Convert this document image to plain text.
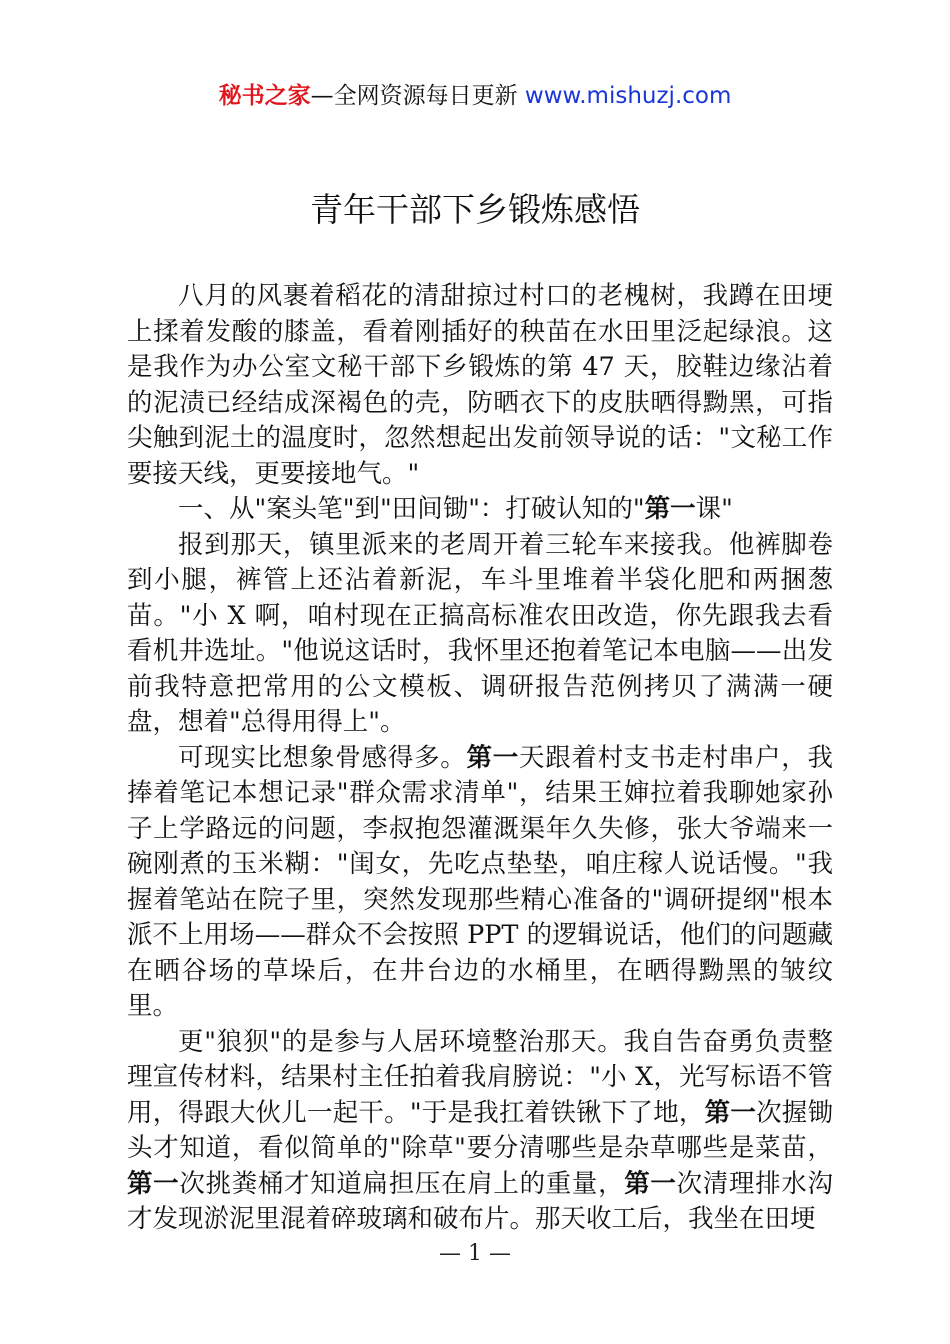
秘书之家—全网资源每日更新 www.mishuzj.com
青年干部下乡锻炼感悟

八月的风裹着稻花的清甜掠过村口的老槐树，我蹲在田埂上揉着发酸的膝盖，看着刚插好的秧苗在水田里泛起绿浪。这是我作为办公室文秘干部下乡锻炼的第 47 天，胶鞋边缘沾着的泥渍已经结成深褐色的壳，防晒衣下的皮肤晒得黝黑，可指尖触到泥土的温度时，忽然想起出发前领导说的话："文秘工作要接天线，更要接地气。"

一、从"案头笔"到"田间锄"：打破认知的"第一课"

报到那天，镇里派来的老周开着三轮车来接我。他裤脚卷到小腿，裤管上还沾着新泥，车斗里堆着半袋化肥和两捆葱苗。"小 X 啊，咱村现在正搞高标准农田改造，你先跟我去看看机井选址。"他说这话时，我怀里还抱着笔记本电脑——出发前我特意把常用的公文模板、调研报告范例拷贝了满满一硬盘，想着"总得用得上"。

可现实比想象骨感得多。第一天跟着村支书走村串户，我捧着笔记本想记录"群众需求清单"，结果王婶拉着我聊她家孙子上学路远的问题，李叔抱怨灌溉渠年久失修，张大爷端来一碗刚煮的玉米糊："闺女，先吃点垫垫，咱庄稼人说话慢。"我握着笔站在院子里，突然发现那些精心准备的"调研提纲"根本派不上用场——群众不会按照 PPT 的逻辑说话，他们的问题藏在晒谷场的草垛后，在井台边的水桶里，在晒得黝黑的皱纹里。

更"狼狈"的是参与人居环境整治那天。我自告奋勇负责整理宣传材料，结果村主任拍着我肩膀说："小 X，光写标语不管用，得跟大伙儿一起干。"于是我扛着铁锹下了地，第一次握锄头才知道，看似简单的"除草"要分清哪些是杂草哪些是菜苗，第一次挑粪桶才知道扁担压在肩上的重量，第一次清理排水沟才发现淤泥里混着碎玻璃和破布片。那天收工后，我坐在田埂

— 1 —
